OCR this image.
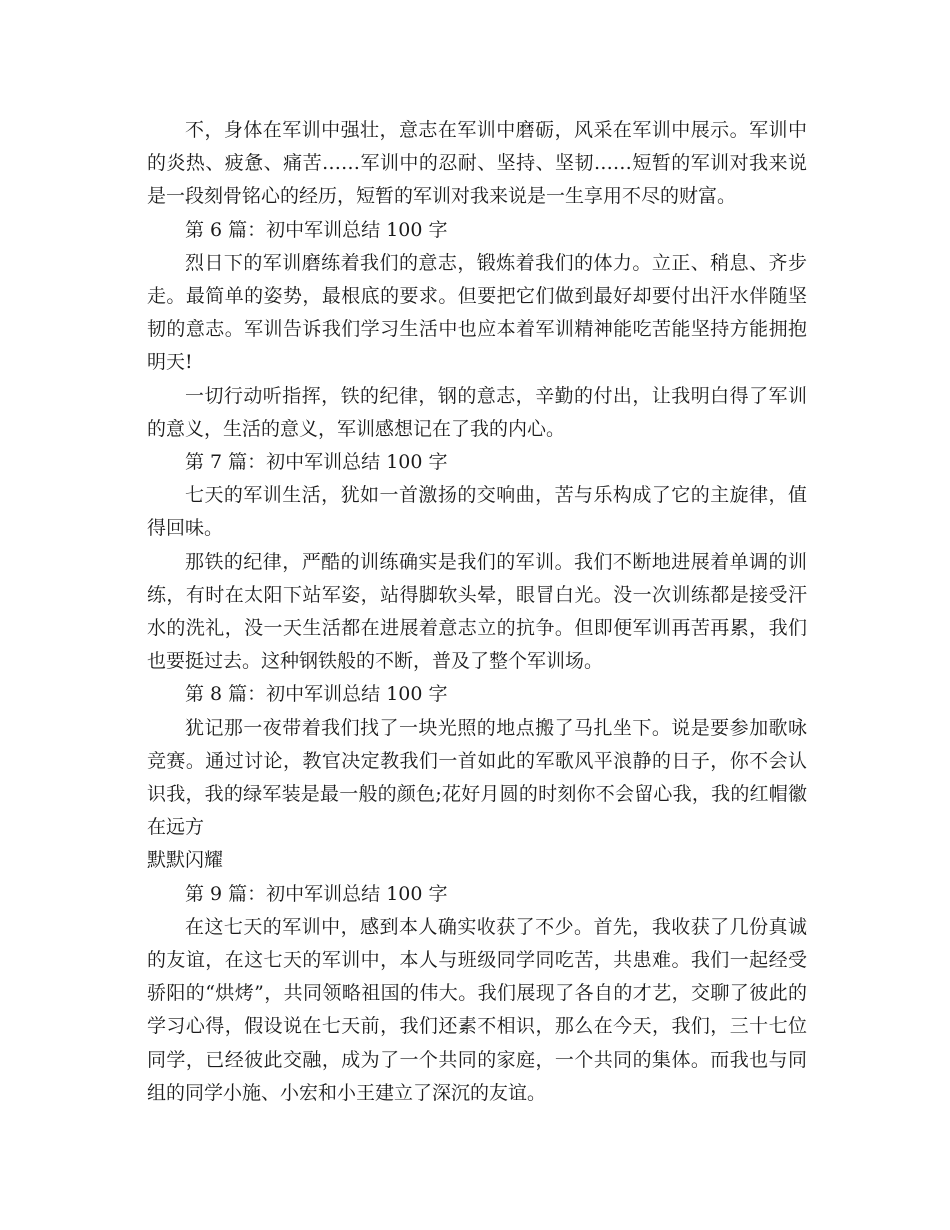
不，身体在军训中强壮，意志在军训中磨砺，风采在军训中展示。军训中的炎热、疲惫、痛苦……军训中的忍耐、坚持、坚韧……短暂的军训对我来说是一段刻骨铭心的经历，短暂的军训对我来说是一生享用不尽的财富。

第 6 篇：初中军训总结 100 字

烈日下的军训磨练着我们的意志，锻炼着我们的体力。立正、稍息、齐步走。最简单的姿势，最根底的要求。但要把它们做到最好却要付出汗水伴随坚韧的意志。军训告诉我们学习生活中也应本着军训精神能吃苦能坚持方能拥抱明天!

一切行动听指挥，铁的纪律，钢的意志，辛勤的付出，让我明白得了军训的意义，生活的意义，军训感想记在了我的内心。

第 7 篇：初中军训总结 100 字

七天的军训生活，犹如一首激扬的交响曲，苦与乐构成了它的主旋律，值得回味。

那铁的纪律，严酷的训练确实是我们的军训。我们不断地进展着单调的训练，有时在太阳下站军姿，站得脚软头晕，眼冒白光。没一次训练都是接受汗水的洗礼，没一天生活都在进展着意志立的抗争。但即便军训再苦再累，我们也要挺过去。这种钢铁般的不断，普及了整个军训场。

第 8 篇：初中军训总结 100 字

犹记那一夜带着我们找了一块光照的地点搬了马扎坐下。说是要参加歌咏竞赛。通过讨论，教官决定教我们一首如此的军歌风平浪静的日子，你不会认识我，我的绿军装是最一般的颜色;花好月圆的时刻你不会留心我，我的红帽徽在远方

默默闪耀

第 9 篇：初中军训总结 100 字

在这七天的军训中，感到本人确实收获了不少。首先，我收获了几份真诚的友谊，在这七天的军训中，本人与班级同学同吃苦，共患难。我们一起经受骄阳的“烘烤”，共同领略祖国的伟大。我们展现了各自的才艺，交聊了彼此的学习心得，假设说在七天前，我们还素不相识，那么在今天，我们，三十七位同学，已经彼此交融，成为了一个共同的家庭，一个共同的集体。而我也与同组的同学小施、小宏和小王建立了深沉的友谊。
